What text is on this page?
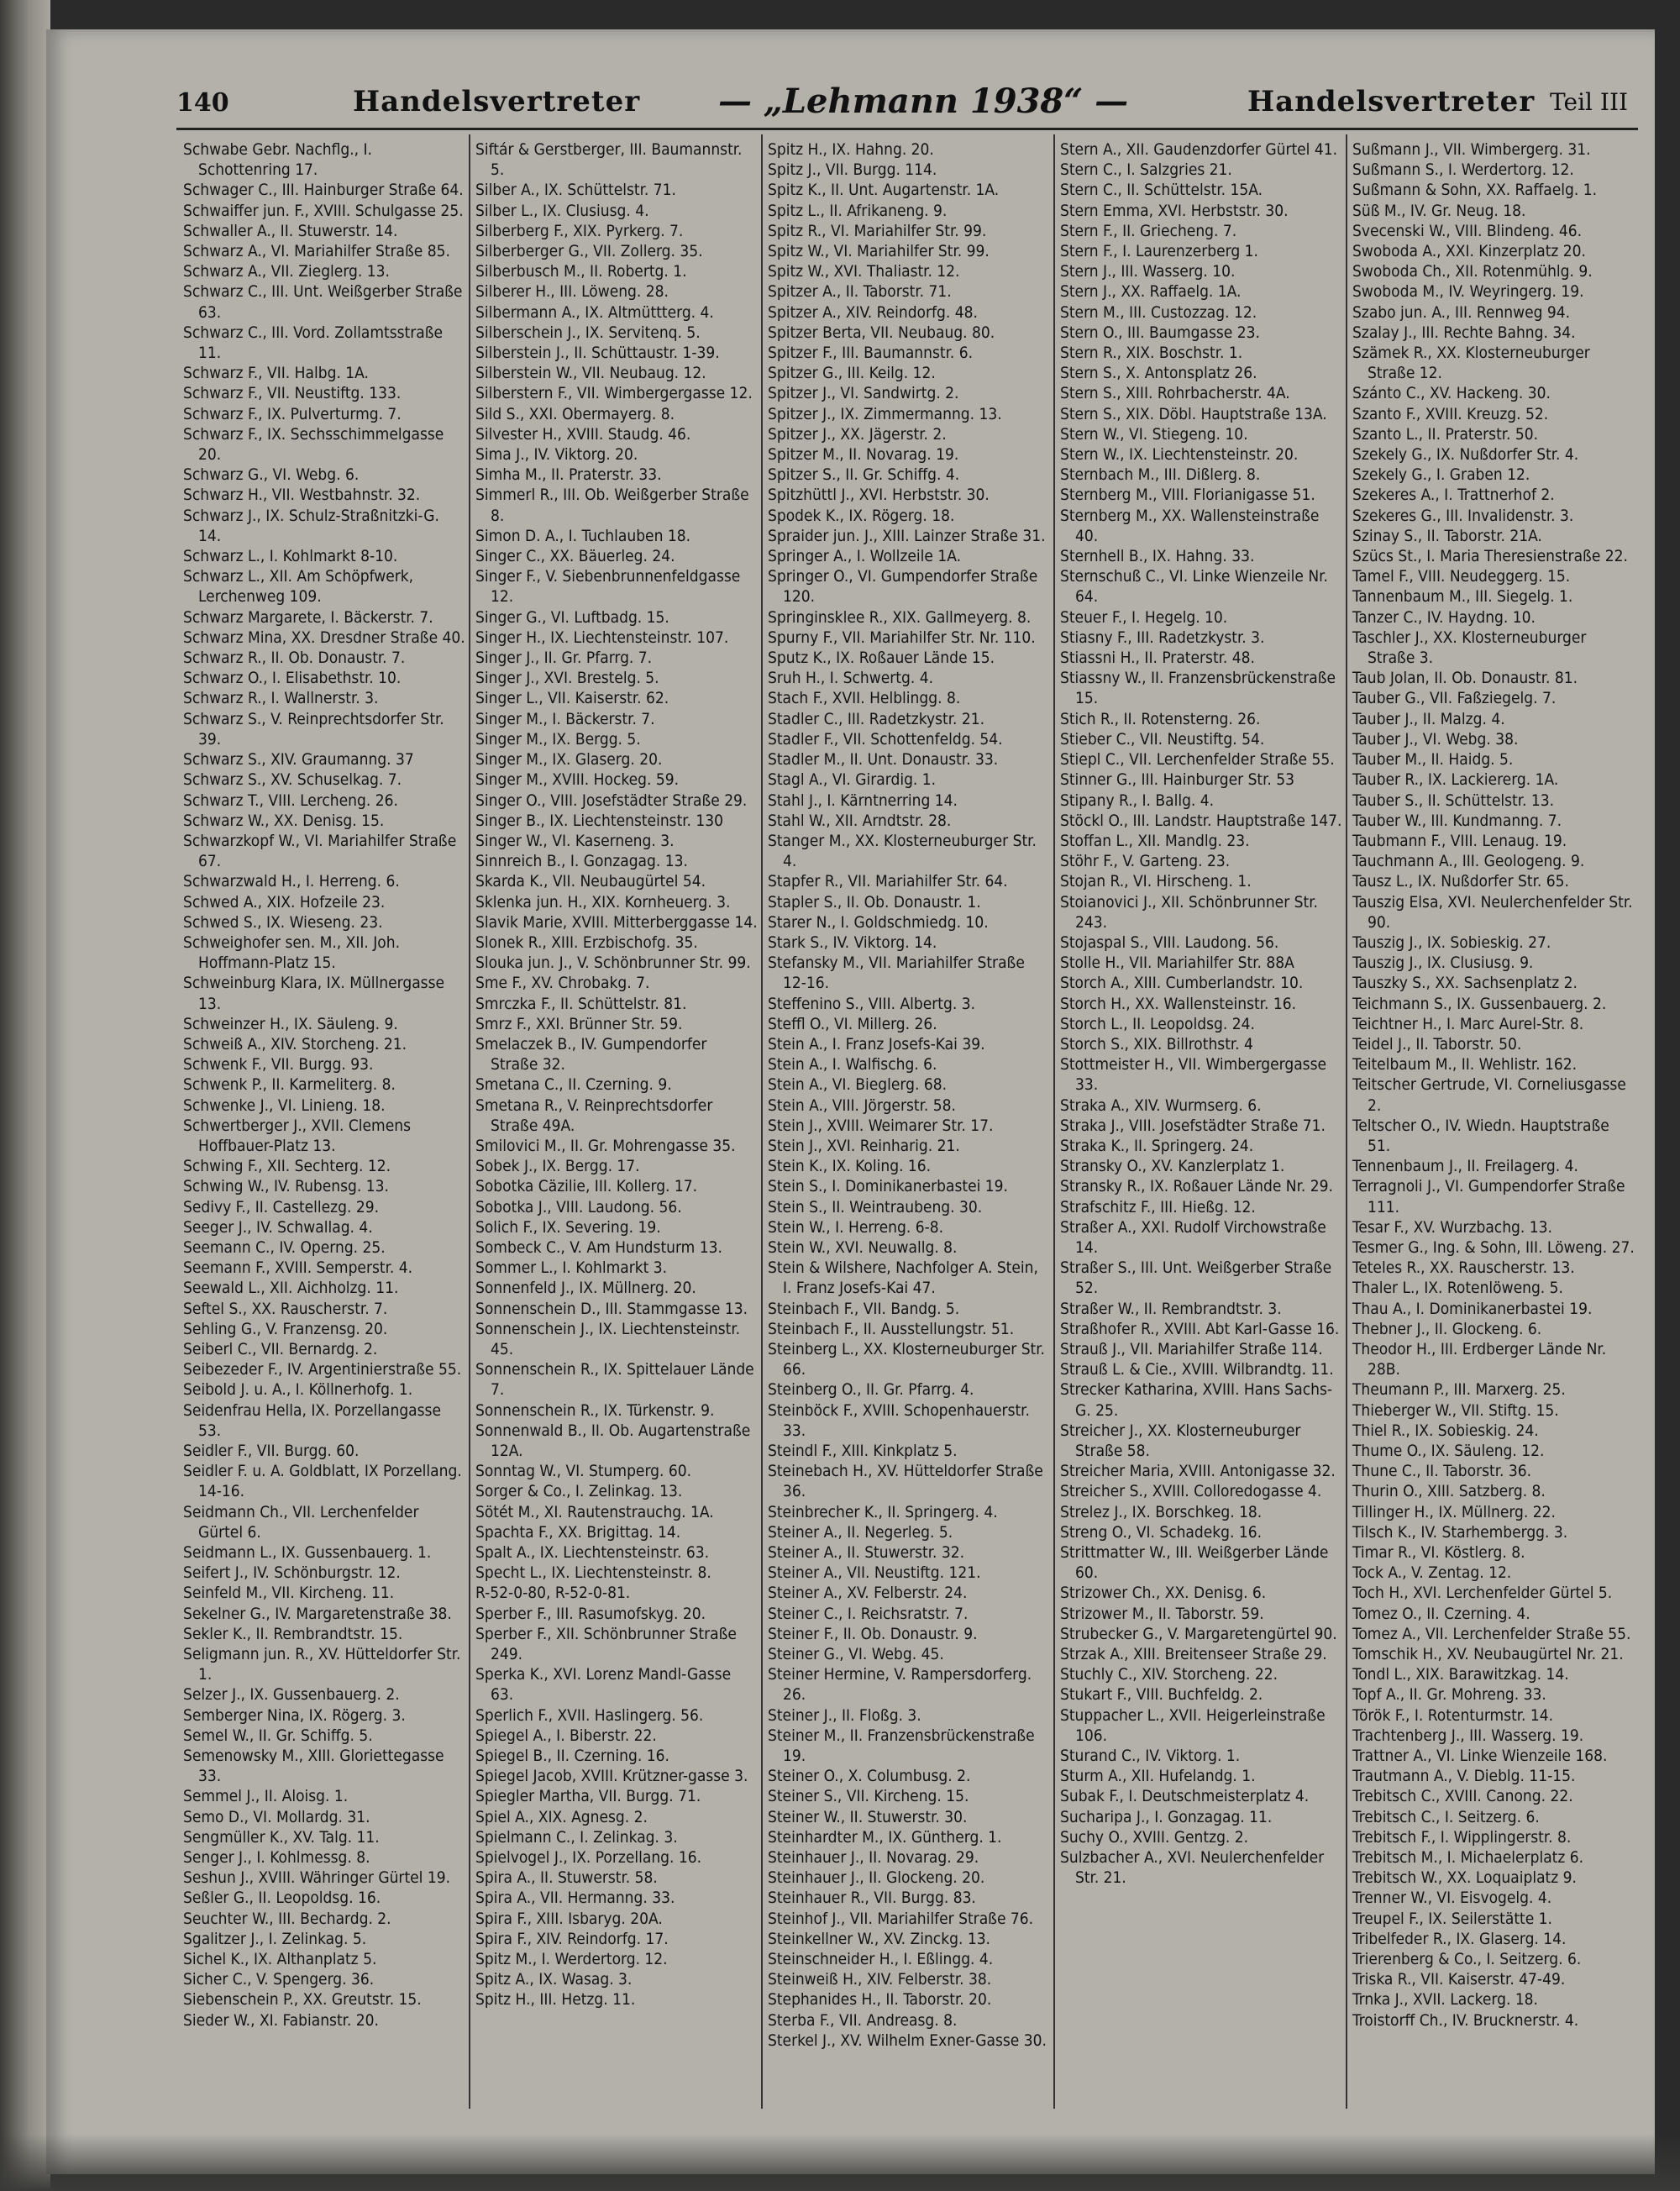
140	Handelsvertreter — „Lehmann 1938“ —	Handelsvertreter Teil III
Schwabe Gebr. Nachflg., I. Schottenring 17.
Schwager C., III. Hainburger Straße 64.
Schwaiffer jun. F., XVIII. Schulgasse 25.
Schwaller A., II. Stuwerstr. 14.
Schwarz A., VI. Mariahilfer Straße 85.
Schwarz A., VII. Zieglerg. 13.
Schwarz C., III. Unt. Weißgerber Straße 63.
Schwarz C., III. Vord. Zollamtsstraße 11.
Schwarz F., VII. Halbg. 1A.
Schwarz F., VII. Neustiftg. 133.
Schwarz F., IX. Pulverturmg. 7.
Schwarz F., IX. Sechsschimmelgasse 20.
Schwarz G., VI. Webg. 6.
Schwarz H., VII. Westbahnstr. 32.
Schwarz J., IX. Schulz-Straßnitzki-G. 14.
Schwarz L., I. Kohlmarkt 8-10.
Schwarz L., XII. Am Schöpfwerk, Lerchenweg 109.
Schwarz Margarete, I. Bäckerstr. 7.
Schwarz Mina, XX. Dresdner Straße 40.
Schwarz R., II. Ob. Donaustr. 7.
Schwarz O., I. Elisabethstr. 10.
Schwarz R., I. Wallnerstr. 3.
Schwarz S., V. Reinprechtsdorfer Str. 39.
Schwarz S., XIV. Graumanng. 37
Schwarz S., XV. Schuselkag. 7.
Schwarz T., VIII. Lercheng. 26.
Schwarz W., XX. Denisg. 15.
Schwarzkopf W., VI. Mariahilfer Straße 67.
Schwarzwald H., I. Herreng. 6.
Schwed A., XIX. Hofzeile 23.
Schwed S., IX. Wieseng. 23.
Schweighofer sen. M., XII. Joh. Hoffmann-Platz 15.
Schweinburg Klara, IX. Müllnergasse 13.
Schweinzer H., IX. Säuleng. 9.
Schweiß A., XIV. Storcheng. 21.
Schwenk F., VII. Burgg. 93.
Schwenk P., II. Karmeliterg. 8.
Schwenke J., VI. Linieng. 18.
Schwertberger J., XVII. Clemens Hoffbauer-Platz 13.
Schwing F., XII. Sechterg. 12.
Schwing W., IV. Rubensg. 13.
Sedivy F., II. Castellezg. 29.
Seeger J., IV. Schwallag. 4.
Seemann C., IV. Operng. 25.
Seemann F., XVIII. Semperstr. 4.
Seewald L., XII. Aichholzg. 11.
Seftel S., XX. Rauscherstr. 7.
Sehling G., V. Franzensg. 20.
Seiberl C., VII. Bernardg. 2.
Seibezeder F., IV. Argentinierstraße 55.
Seibold J. u. A., I. Köllnerhofg. 1.
Seidenfrau Hella, IX. Porzellangasse 53.
Seidler F., VII. Burgg. 60.
Seidler F. u. A. Goldblatt, IX Porzellang. 14-16.
Seidmann Ch., VII. Lerchenfelder Gürtel 6.
Seidmann L., IX. Gussenbauerg. 1.
Seifert J., IV. Schönburgstr. 12.
Seinfeld M., VII. Kircheng. 11.
Sekelner G., IV. Margaretenstraße 38.
Sekler K., II. Rembrandtstr. 15.
Seligmann jun. R., XV. Hütteldorfer Str. 1.
Selzer J., IX. Gussenbauerg. 2.
Semberger Nina, IX. Rögerg. 3.
Semel W., II. Gr. Schiffg. 5.
Semenowsky M., XIII. Gloriettegasse 33.
Semmel J., II. Aloisg. 1.
Semo D., VI. Mollardg. 31.
Sengmüller K., XV. Talg. 11.
Senger J., I. Kohlmessg. 8.
Seshun J., XVIII. Währinger Gürtel 19.
Seßler G., II. Leopoldsg. 16.
Seuchter W., III. Bechardg. 2.
Sgalitzer J., I. Zelinkag. 5.
Sichel K., IX. Althanplatz 5.
Sicher C., V. Spengerg. 36.
Siebenschein P., XX. Greutstr. 15.
Sieder W., XI. Fabianstr. 20.
Siftár & Gerstberger, III. Baumannstr. 5.
Silber A., IX. Schüttelstr. 71.
Silber L., IX. Clusiusg. 4.
Silberberg F., XIX. Pyrkerg. 7.
Silberberger G., VII. Zollerg. 35.
Silberbusch M., II. Robertg. 1.
Silberer H., III. Löweng. 28.
Silbermann A., IX. Altmüttterg. 4.
Silberschein J., IX. Servitenq. 5.
Silberstein J., II. Schüttaustr. 1-39.
Silberstein W., VII. Neubaug. 12.
Silberstern F., VII. Wimbergergasse 12.
Sild S., XXI. Obermayerg. 8.
Silvester H., XVIII. Staudg. 46.
Sima J., IV. Viktorg. 20.
Simha M., II. Praterstr. 33.
Simmerl R., III. Ob. Weißgerber Straße 8.
Simon D. A., I. Tuchlauben 18.
Singer C., XX. Bäuerleg. 24.
Singer F., V. Siebenbrunnenfeldgasse 12.
Singer G., VI. Luftbadg. 15.
Singer H., IX. Liechtensteinstr. 107.
Singer J., II. Gr. Pfarrg. 7.
Singer J., XVI. Brestelg. 5.
Singer L., VII. Kaiserstr. 62.
Singer M., I. Bäckerstr. 7.
Singer M., IX. Bergg. 5.
Singer M., IX. Glaserg. 20.
Singer M., XVIII. Hockeg. 59.
Singer O., VIII. Josefstädter Straße 29.
Singer B., IX. Liechtensteinstr. 130
Singer W., VI. Kaserneng. 3.
Sinnreich B., I. Gonzagag. 13.
Skarda K., VII. Neubaugürtel 54.
Sklenka jun. H., XIX. Kornheuerg. 3.
Slavik Marie, XVIII. Mitterberggasse 14.
Slonek R., XIII. Erzbischofg. 35.
Slouka jun. J., V. Schönbrunner Str. 99.
Sme F., XV. Chrobakg. 7.
Smrczka F., II. Schüttelstr. 81.
Smrz F., XXI. Brünner Str. 59.
Smelaczek B., IV. Gumpendorfer Straße 32.
Smetana C., II. Czerning. 9.
Smetana R., V. Reinprechtsdorfer Straße 49A.
Smilovici M., II. Gr. Mohrengasse 35.
Sobek J., IX. Bergg. 17.
Sobotka Cäzilie, III. Kollerg. 17.
Sobotka J., VIII. Laudong. 56.
Solich F., IX. Severing. 19.
Sombeck C., V. Am Hundsturm 13.
Sommer L., I. Kohlmarkt 3.
Sonnenfeld J., IX. Müllnerg. 20.
Sonnenschein D., III. Stammgasse 13.
Sonnenschein J., IX. Liechtensteinstr. 45.
Sonnenschein R., IX. Spittelauer Lände 7.
Sonnenschein R., IX. Türkenstr. 9.
Sonnenwald B., II. Ob. Augartenstraße 12A.
Sonntag W., VI. Stumperg. 60.
Sorger & Co., I. Zelinkag. 13.
Sötét M., XI. Rautenstrauchg. 1A.
Spachta F., XX. Brigittag. 14.
Spalt A., IX. Liechtensteinstr. 63.
Specht L., IX. Liechtensteinstr. 8.
R-52-0-80, R-52-0-81.
Sperber F., III. Rasumofskyg. 20.
Sperber F., XII. Schönbrunner Straße 249.
Sperka K., XVI. Lorenz Mandl-Gasse 63.
Sperlich F., XVII. Haslingerg. 56.
Spiegel A., I. Biberstr. 22.
Spiegel B., II. Czerning. 16.
Spiegel Jacob, XVIII. Krützner-gasse 3.
Spiegler Martha, VII. Burgg. 71.
Spiel A., XIX. Agnesg. 2.
Spielmann C., I. Zelinkag. 3.
Spielvogel J., IX. Porzellang. 16.
Spira A., II. Stuwerstr. 58.
Spira A., VII. Hermanng. 33.
Spira F., XIII. Isbaryg. 20A.
Spira F., XIV. Reindorfg. 17.
Spitz M., I. Werdertorg. 12.
Spitz A., IX. Wasag. 3.
Spitz H., III. Hetzg. 11.
Spitz H., IX. Hahng. 20.
Spitz J., VII. Burgg. 114.
Spitz K., II. Unt. Augartenstr. 1A.
Spitz L., II. Afrikaneng. 9.
Spitz R., VI. Mariahilfer Str. 99.
Spitz W., VI. Mariahilfer Str. 99.
Spitz W., XVI. Thaliastr. 12.
Spitzer A., II. Taborstr. 71.
Spitzer A., XIV. Reindorfg. 48.
Spitzer Berta, VII. Neubaug. 80.
Spitzer F., III. Baumannstr. 6.
Spitzer G., III. Keilg. 12.
Spitzer J., VI. Sandwirtg. 2.
Spitzer J., IX. Zimmermanng. 13.
Spitzer J., XX. Jägerstr. 2.
Spitzer M., II. Novarag. 19.
Spitzer S., II. Gr. Schiffg. 4.
Spitzhüttl J., XVI. Herbststr. 30.
Spodek K., IX. Rögerg. 18.
Spraider jun. J., XIII. Lainzer Straße 31.
Springer A., I. Wollzeile 1A.
Springer O., VI. Gumpendorfer Straße 120.
Springinsklee R., XIX. Gallmeyerg. 8.
Spurny F., VII. Mariahilfer Str. Nr. 110.
Sputz K., IX. Roßauer Lände 15.
Sruh H., I. Schwertg. 4.
Stach F., XVII. Helblingg. 8.
Stadler C., III. Radetzkystr. 21.
Stadler F., VII. Schottenfeldg. 54.
Stadler M., II. Unt. Donaustr. 33.
Stagl A., VI. Girardig. 1.
Stahl J., I. Kärntnerring 14.
Stahl W., XII. Arndtstr. 28.
Stanger M., XX. Klosterneuburger Str. 4.
Stapfer R., VII. Mariahilfer Str. 64.
Stapler S., II. Ob. Donaustr. 1.
Starer N., I. Goldschmiedg. 10.
Stark S., IV. Viktorg. 14.
Stefansky M., VII. Mariahilfer Straße 12-16.
Steffenino S., VIII. Albertg. 3.
Steffl O., VI. Millerg. 26.
Stein A., I. Franz Josefs-Kai 39.
Stein A., I. Walfischg. 6.
Stein A., VI. Bieglerg. 68.
Stein A., VIII. Jörgerstr. 58.
Stein J., XVIII. Weimarer Str. 17.
Stein J., XVI. Reinharig. 21.
Stein K., IX. Koling. 16.
Stein S., I. Dominikanerbastei 19.
Stein S., II. Weintraubeng. 30.
Stein W., I. Herreng. 6-8.
Stein W., XVI. Neuwallg. 8.
Stein & Wilshere, Nachfolger A. Stein, I. Franz Josefs-Kai 47.
Steinbach F., VII. Bandg. 5.
Steinbach F., II. Ausstellungstr. 51.
Steinberg L., XX. Klosterneuburger Str. 66.
Steinberg O., II. Gr. Pfarrg. 4.
Steinböck F., XVIII. Schopenhauerstr. 33.
Steindl F., XIII. Kinkplatz 5.
Steinebach H., XV. Hütteldorfer Straße 36.
Steinbrecher K., II. Springerg. 4.
Steiner A., II. Negerleg. 5.
Steiner A., II. Stuwerstr. 32.
Steiner A., VII. Neustiftg. 121.
Steiner A., XV. Felberstr. 24.
Steiner C., I. Reichsratstr. 7.
Steiner F., II. Ob. Donaustr. 9.
Steiner G., VI. Webg. 45.
Steiner Hermine, V. Rampersdorferg. 26.
Steiner J., II. Floßg. 3.
Steiner M., II. Franzensbrückenstraße 19.
Steiner O., X. Columbusg. 2.
Steiner S., VII. Kircheng. 15.
Steiner W., II. Stuwerstr. 30.
Steinhardter M., IX. Güntherg. 1.
Steinhauer J., II. Novarag. 29.
Steinhauer J., II. Glockeng. 20.
Steinhauer R., VII. Burgg. 83.
Steinhof J., VII. Mariahilfer Straße 76.
Steinkellner W., XV. Zinckg. 13.
Steinschneider H., I. Eßlingg. 4.
Steinweiß H., XIV. Felberstr. 38.
Stephanides H., II. Taborstr. 20.
Sterba F., VII. Andreasg. 8.
Sterkel J., XV. Wilhelm Exner-Gasse 30.
Stern A., XII. Gaudenzdorfer Gürtel 41.
Stern C., I. Salzgries 21.
Stern C., II. Schüttelstr. 15A.
Stern Emma, XVI. Herbststr. 30.
Stern F., II. Griecheng. 7.
Stern F., I. Laurenzerberg 1.
Stern J., III. Wasserg. 10.
Stern J., XX. Raffaelg. 1A.
Stern M., III. Custozzag. 12.
Stern O., III. Baumgasse 23.
Stern R., XIX. Boschstr. 1.
Stern S., X. Antonsplatz 26.
Stern S., XIII. Rohrbacherstr. 4A.
Stern S., XIX. Döbl. Hauptstraße 13A.
Stern W., VI. Stiegeng. 10.
Stern W., IX. Liechtensteinstr. 20.
Sternbach M., III. Dißlerg. 8.
Sternberg M., VIII. Florianigasse 51.
Sternberg M., XX. Wallensteinstraße 40.
Sternhell B., IX. Hahng. 33.
Sternschuß C., VI. Linke Wienzeile Nr. 64.
Steuer F., I. Hegelg. 10.
Stiasny F., III. Radetzkystr. 3.
Stiassni H., II. Praterstr. 48.
Stiassny W., II. Franzensbrückenstraße 15.
Stich R., II. Rotensterng. 26.
Stieber C., VII. Neustiftg. 54.
Stiepl C., VII. Lerchenfelder Straße 55.
Stinner G., III. Hainburger Str. 53
Stipany R., I. Ballg. 4.
Stöckl O., III. Landstr. Hauptstraße 147.
Stoffan L., XII. Mandlg. 23.
Stöhr F., V. Garteng. 23.
Stojan R., VI. Hirscheng. 1.
Stoianovici J., XII. Schönbrunner Str. 243.
Stojaspal S., VIII. Laudong. 56.
Stolle H., VII. Mariahilfer Str. 88A
Storch A., XIII. Cumberlandstr. 10.
Storch H., XX. Wallensteinstr. 16.
Storch L., II. Leopoldsg. 24.
Storch S., XIX. Billrothstr. 4
Stottmeister H., VII. Wimbergergasse 33.
Straka A., XIV. Wurmserg. 6.
Straka J., VIII. Josefstädter Straße 71.
Straka K., II. Springerg. 24.
Stransky O., XV. Kanzlerplatz 1.
Stransky R., IX. Roßauer Lände Nr. 29.
Strafschitz F., III. Hießg. 12.
Straßer A., XXI. Rudolf Virchowstraße 14.
Straßer S., III. Unt. Weißgerber Straße 52.
Straßer W., II. Rembrandtstr. 3.
Straßhofer R., XVIII. Abt Karl-Gasse 16.
Strauß J., VII. Mariahilfer Straße 114.
Strauß L. & Cie., XVIII. Wilbrandtg. 11.
Strecker Katharina, XVIII. Hans Sachs-G. 25.
Streicher J., XX. Klosterneuburger Straße 58.
Streicher Maria, XVIII. Antonigasse 32.
Streicher S., XVIII. Colloredogasse 4.
Strelez J., IX. Borschkeg. 18.
Streng O., VI. Schadekg. 16.
Strittmatter W., III. Weißgerber Lände 60.
Strizower Ch., XX. Denisg. 6.
Strizower M., II. Taborstr. 59.
Strubecker G., V. Margaretengürtel 90.
Strzak A., XIII. Breitenseer Straße 29.
Stuchly C., XIV. Storcheng. 22.
Stukart F., VIII. Buchfeldg. 2.
Stuppacher L., XVII. Heigerleinstraße 106.
Sturand C., IV. Viktorg. 1.
Sturm A., XII. Hufelandg. 1.
Subak F., I. Deutschmeisterplatz 4.
Sucharipa J., I. Gonzagag. 11.
Suchy O., XVIII. Gentzg. 2.
Sulzbacher A., XVI. Neulerchenfelder Str. 21.
Sußmann J., VII. Wimbergerg. 31.
Sußmann S., I. Werdertorg. 12.
Sußmann & Sohn, XX. Raffaelg. 1.
Süß M., IV. Gr. Neug. 18.
Svecenski W., VIII. Blindeng. 46.
Swoboda A., XXI. Kinzerplatz 20.
Swoboda Ch., XII. Rotenmühlg. 9.
Swoboda M., IV. Weyringerg. 19.
Szabo jun. A., III. Rennweg 94.
Szalay J., III. Rechte Bahng. 34.
Szämek R., XX. Klosterneuburger Straße 12.
Szánto C., XV. Hackeng. 30.
Szanto F., XVIII. Kreuzg. 52.
Szanto L., II. Praterstr. 50.
Szekely G., IX. Nußdorfer Str. 4.
Szekely G., I. Graben 12.
Szekeres A., I. Trattnerhof 2.
Szekeres G., III. Invalidenstr. 3.
Szinay S., II. Taborstr. 21A.
Szücs St., I. Maria Theresienstraße 22.
Tamel F., VIII. Neudeggerg. 15.
Tannenbaum M., III. Siegelg. 1.
Tanzer C., IV. Haydng. 10.
Taschler J., XX. Klosterneuburger Straße 3.
Taub Jolan, II. Ob. Donaustr. 81.
Tauber G., VII. Faßziegelg. 7.
Tauber J., II. Malzg. 4.
Tauber J., VI. Webg. 38.
Tauber M., II. Haidg. 5.
Tauber R., IX. Lackiererg. 1A.
Tauber S., II. Schüttelstr. 13.
Tauber W., III. Kundmanng. 7.
Taubmann F., VIII. Lenaug. 19.
Tauchmann A., III. Geologeng. 9.
Tausz L., IX. Nußdorfer Str. 65.
Tauszig Elsa, XVI. Neulerchenfelder Str. 90.
Tauszig J., IX. Sobieskig. 27.
Tauszig J., IX. Clusiusg. 9.
Tauszky S., XX. Sachsenplatz 2.
Teichmann S., IX. Gussenbauerg. 2.
Teichtner H., I. Marc Aurel-Str. 8.
Teidel J., II. Taborstr. 50.
Teitelbaum M., II. Wehlistr. 162.
Teitscher Gertrude, VI. Corneliusgasse 2.
Teltscher O., IV. Wiedn. Hauptstraße 51.
Tennenbaum J., II. Freilagerg. 4.
Terragnoli J., VI. Gumpendorfer Straße 111.
Tesar F., XV. Wurzbachg. 13.
Tesmer G., Ing. & Sohn, III. Löweng. 27.
Teteles R., XX. Rauscherstr. 13.
Thaler L., IX. Rotenlöweng. 5.
Thau A., I. Dominikanerbastei 19.
Thebner J., II. Glockeng. 6.
Theodor H., III. Erdberger Lände Nr. 28B.
Theumann P., III. Marxerg. 25.
Thieberger W., VII. Stiftg. 15.
Thiel R., IX. Sobieskig. 24.
Thume O., IX. Säuleng. 12.
Thune C., II. Taborstr. 36.
Thurin O., XIII. Satzberg. 8.
Tillinger H., IX. Müllnerg. 22.
Tilsch K., IV. Starhembergg. 3.
Timar R., VI. Köstlerg. 8.
Tock A., V. Zentag. 12.
Toch H., XVI. Lerchenfelder Gürtel 5.
Tomez O., II. Czerning. 4.
Tomez A., VII. Lerchenfelder Straße 55.
Tomschik H., XV. Neubaugürtel Nr. 21.
Tondl L., XIX. Barawitzkag. 14.
Topf A., II. Gr. Mohreng. 33.
Török F., I. Rotenturmstr. 14.
Trachtenberg J., III. Wasserg. 19.
Trattner A., VI. Linke Wienzeile 168.
Trautmann A., V. Dieblg. 11-15.
Trebitsch C., XVIII. Canong. 22.
Trebitsch C., I. Seitzerg. 6.
Trebitsch F., I. Wipplingerstr. 8.
Trebitsch M., I. Michaelerplatz 6.
Trebitsch W., XX. Loquaiplatz 9.
Trenner W., VI. Eisvogelg. 4.
Treupel F., IX. Seilerstätte 1.
Tribelfeder R., IX. Glaserg. 14.
Trierenberg & Co., I. Seitzerg. 6.
Triska R., VII. Kaiserstr. 47-49.
Trnka J., XVII. Lackerg. 18.
Troistorff Ch., IV. Brucknerstr. 4.
